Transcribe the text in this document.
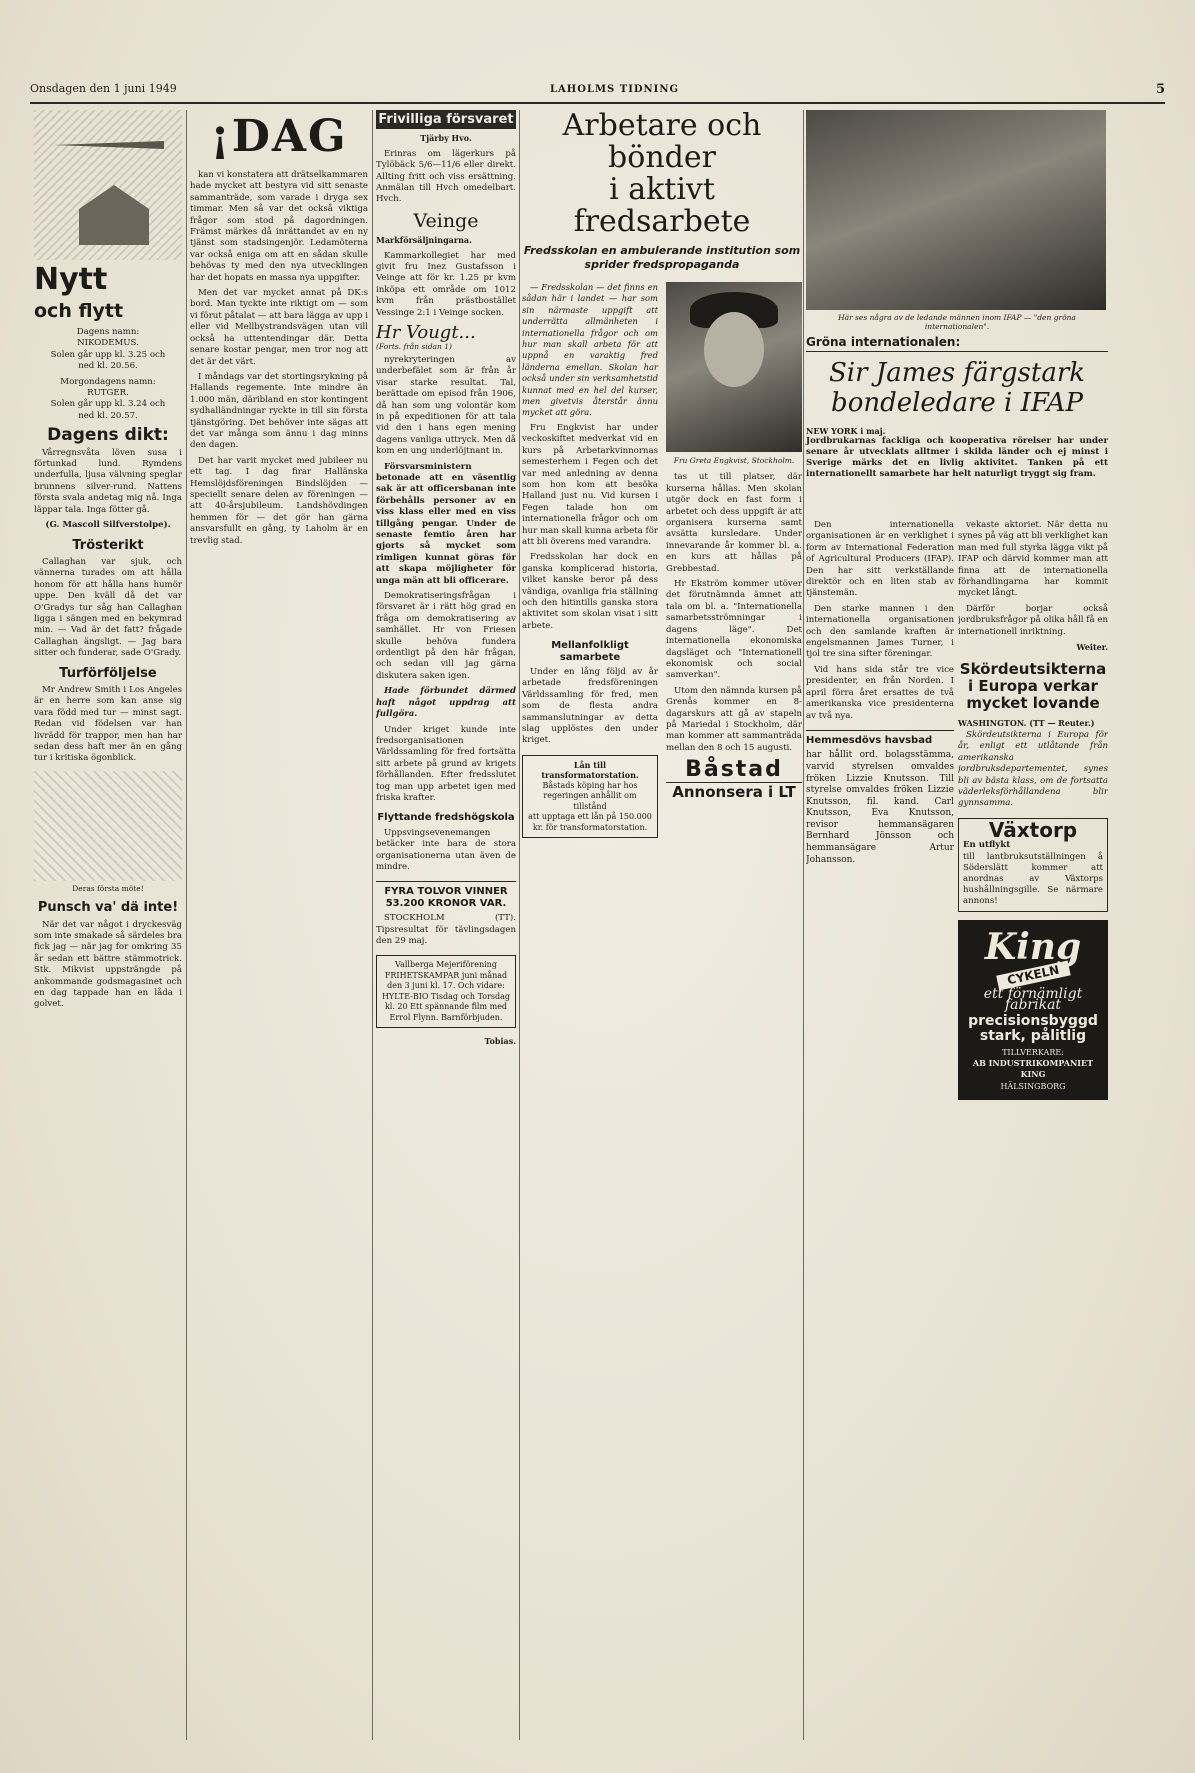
Onsdagen den 1 juni 1949	LAHOLMS TIDNING	5
Nytt
och flytt

Dagens namn:
NIKODEMUS.
Solen går upp kl. 3.25 och
ned kl. 20.56.

Morgondagens namn:
RUTGER.
Solen går upp kl. 3.24 och
ned kl. 20.57.

Dagens dikt:

Vårregnsvåta löven susa i förtunkad lund. Rymdens underfulla, ljusa välvning speglar brunnens silver-rund. Nattens första svala andetag mig nå. Inga läppar tala. Inga fötter gå.

(G. Mascoll Silfverstolpe).

Trösterikt

Callaghan var sjuk, och vännerna turades om att hålla honom för att hålla hans humör uppe. Den kväll då det var O'Gradys tur såg han Callaghan ligga i sängen med en bekymrad min. — Vad är det fatt? frågade Callaghan ängsligt. — Jag bara sitter och funderar, sade O'Grady.

Turförföljelse

Mr Andrew Smith i Los Angeles är en herre som kan anse sig vara född med tur — minst sagt. Redan vid födelsen var han livrädd för trappor, men han har sedan dess haft mer än en gång tur i kritiska ögonblick.

Deras första möte!
Punsch va' dä inte!

När det var något i dryckesväg som inte smakade så särdeles bra fick jag — när jag for omkring 35 år sedan ett bättre stämmotrick. Stk. Mikvist uppsträngde på ankommande godsmagasinet och en dag tappade han en låda i golvet.

¡DAG

kan vi konstatera att drätselkammaren hade mycket att bestyra vid sitt senaste sammanträde, som varade i dryga sex timmar. Men så var det också viktiga frågor som stod på dagordningen. Främst märkes då inrättandet av en ny tjänst som stadsingenjör. Ledamöterna var också eniga om att en sådan skulle behövas ty med den nya utvecklingen har det hopats en massa nya uppgifter.

Men det var mycket annat på DK:s bord. Man tyckte inte riktigt om — som vi förut påtalat — att bara lägga av upp i eller vid Mellbystrandsvägen utan vill också ha uttentendingar där. Detta senare kostar pengar, men tror nog att det är det värt.

I måndags var det stortingsrykning på Hallands regemente. Inte mindre än 1.000 män, däribland en stor kontingent sydhalländningar ryckte in till sin första tjänstgöring. Det behöver inte sägas att det var många som ännu i dag minns den dagen.

Det har varit mycket med jubileer nu ett tag. I dag firar Hallänska Hemslöjdsföreningen Bindslöjden — speciellt senare delen av föreningen — att 40-årsjubileum. Landshövdingen hemmen för — det gör han gärna ansvarsfullt en gång, ty Laholm är en trevlig stad.

Frivilliga försvaret
Tjärby Hvo.

Erinras om lägerkurs på Tylöbäck 5/6—11/6 eller direkt. Allting fritt och viss ersättning. Anmälan till Hvch omedelbart. Hvch.

Veinge
Markförsäljningarna.

Kammarkollegiet har med givit fru Inez Gustafsson i Veinge att för kr. 1.25 pr kvm inköpa ett område om 1012 kvm från prästbostället Vessinge 2:1 i Veinge socken.

Hr Vougt...
(Forts. från sidan 1)

nyrekryteringen av underbefälet som är från år visar starke resultat. Tal, berättade om episod från 1906, då han som ung volontär kom in på expeditionen för att tala vid den i hans egen mening dagens vanliga uttryck. Men då kom en ung underlöjtnant in.

Försvarsministern betonade att en väsentlig sak är att officersbanan inte förbehålls personer av en viss klass eller med en viss tillgång pengar. Under de senaste femtio åren har gjorts så mycket som rimligen kunnat göras för att skapa möjligheter för unga män att bli officerare.

Demokratiseringsfrågan i försvaret är i rätt hög grad en fråga om demokratisering av samhället. Hr von Friesen skulle behöva fundera ordentligt på den här frågan, och sedan vill jag gärna diskutera saken igen.

Hade förbundet därmed haft något uppdrag att fullgöra.

Under kriget kunde inte fredsorganisationen Världssamling för fred fortsätta sitt arbete på grund av krigets förhållanden. Efter fredsslutet tog man upp arbetet igen med friska krafter.

Flyttande fredshögskola

Uppsvingsevenemangen betäcker inte bara de stora organisationerna utan även de mindre.

FYRA TOLVOR VINNER 53.200 KRONOR VAR.

STOCKHOLM (TT). Tipsresultat för tävlingsdagen den 29 maj.

Vallberga Mejeriförening FRIHETSKAMPAR juni månad den 3 juni kl. 17. Och vidare: HYLTE-BIO Tisdag och Torsdag kl. 20 Ett spännande film med Errol Flynn. Barnförbjuden.
Tobias.
Arbetare och bönder
i aktivt fredsarbete
Fredsskolan en ambulerande institution som sprider fredspropaganda

— Fredsskolan — det finns en sådan här i landet — har som sin närmaste uppgift att underrätta allmänheten i internationella frågor och om hur man skall arbeta för att uppnå en varaktig fred länderna emellan. Skolan har också under sin verksamhetstid kunnat med en hel del kurser, men givetvis återstår ännu mycket att göra.

Fru Engkvist har under veckoskiftet medverkat vid en kurs på Arbetarkvinnornas semesterhem i Fegen och det var med anledning av denna som hon kom att besöka Halland just nu. Vid kursen i Fegen talade hon om internationella frågor och om hur man skall kunna arbeta för att bli överens med varandra.

Fredsskolan har dock en ganska komplicerad historia, vilket kanske beror på dess vändiga, ovanliga fria ställning och den hitintills ganska stora aktivitet som skolan visat i sitt arbete.

Mellanfolkligt samarbete

Under en lång följd av år arbetade fredsföreningen Världssamling för fred, men som de flesta andra sammanslutningar av detta slag upplöstes den under kriget.

Lån till transformatorstation.
Båstads köping har hos regeringen anhållit om tillstånd
att upptaga ett lån på 150.000 kr. för transformatorstation.
Fru Greta Engkvist, Stockholm.

tas ut till platser, där kurserna hållas. Men skolan utgör dock en fast form i arbetet och dess uppgift är att organisera kurserna samt avsätta kursledare. Under innevarande år kommer bl. a. en kurs att hållas på Grebbestad.

Hr Ekström kommer utöver det förutnämnda ämnet att tala om bl. a. "Internationella samarbetsströmningar i dagens läge". Det internationella ekonomiska dagsläget och "Internationell ekonomisk och social samverkan".

Utom den nämnda kursen på Grenås kommer en 8-dagarskurs att gå av stapeln på Mariedal i Stockholm, där man kommer att sammanträda mellan den 8 och 15 augusti.

Båstad
Annonsera i LT
Här ses några av de ledande männen inom IFAP — "den gröna internationalen".
Gröna internationalen:
Sir James färgstark bondeledare i IFAP
NEW YORK i maj.
Jordbrukarnas fackliga och kooperativa rörelser har under senare år utvecklats alltmer i skilda länder och ej minst i Sverige märks det en livlig aktivitet. Tanken på ett internationellt samarbete har helt naturligt tryggt sig fram.

Den internationella organisationen är en verklighet i form av International Federation of Agricultural Producers (IFAP). Den har sitt verkställande direktör och en liten stab av tjänstemän.

Den starke mannen i den internationella organisationen och den samlande kraften är engelsmannen James Turner, i tjol tre sina sifter föreningar.

Vid hans sida står tre vice presidenter, en från Norden. I april förra året ersattes de två amerikanska vice presidenterna av två nya.

Hemmesdövs havsbad
har hållit ord. bolagsstämma, varvid styrelsen omvaldes fröken Lizzie Knutsson. Till styrelse omvaldes fröken Lizzie Knutsson, fil. kand. Carl Knutsson, Eva Knutsson, revisor hemmansägaren Bernhard Jönsson och hemmansägare Artur Johansson.

vekaste aktoriet. När detta nu synes på väg att bli verklighet kan man med full styrka lägga vikt på IFAP och därvid kommer man att finna att de internationella förhandlingarna har kommit mycket långt.

Därför borjar också jordbruksfrågor på olika håll få en internationell inriktning.

Weiter.
Skördeutsikterna i Europa verkar mycket lovande
WASHINGTON. (TT — Reuter.)

Skördeutsikterna i Europa för år, enligt ett utlåtande från amerikanska jordbruksdepartementet, synes bli av bästa klass, om de fortsatta väderleksförhållandena blir gynnsamma.

Växtorp
En utflykt
till lantbruksutställningen å Söderslätt kommer att anordnas av Växtorps hushållningsgille. Se närmare annons!
King
CYKELN
ett förnämligt fabrikat
precisionsbyggd
stark, pålitlig
TILLVERKARE:
AB INDUSTRIKOMPANIET KING
HÄLSINGBORG
